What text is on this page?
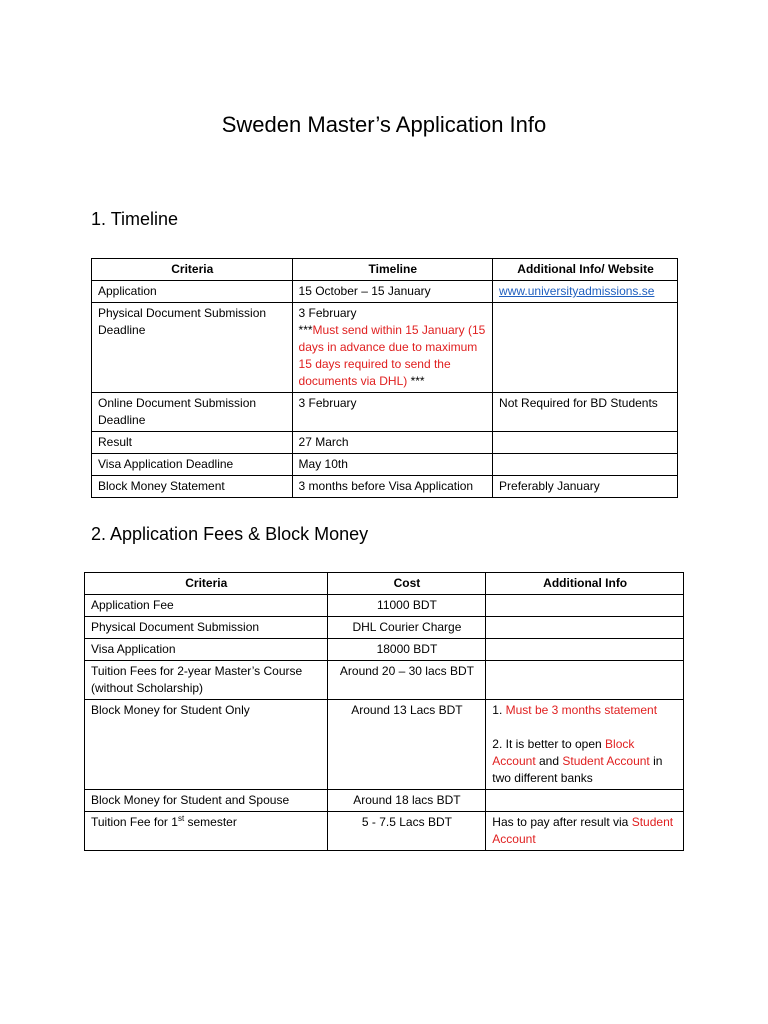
Sweden Master’s Application Info
1. Timeline
Criteria	Timeline	Additional Info/ Website
Application	15 October – 15 January	www.universityadmissions.se
Physical Document Submission Deadline	3 February
***Must send within 15 January (15 days in advance due to maximum 15 days required to send the documents via DHL) ***	
Online Document Submission Deadline	3 February	Not Required for BD Students
Result	27 March	
Visa Application Deadline	May 10th	
Block Money Statement	3 months before Visa Application	Preferably January
2. Application Fees & Block Money
Criteria	Cost	Additional Info
Application Fee	11000 BDT	
Physical Document Submission	DHL Courier Charge	
Visa Application	18000 BDT	
Tuition Fees for 2-year Master’s Course (without Scholarship)	Around 20 – 30 lacs BDT	
Block Money for Student Only	Around 13 Lacs BDT	1. Must be 3 months statement
2. It is better to open Block Account and Student Account in two different banks

Block Money for Student and Spouse	Around 18 lacs BDT	
Tuition Fee for 1st semester	5 - 7.5 Lacs BDT	Has to pay after result via Student Account
